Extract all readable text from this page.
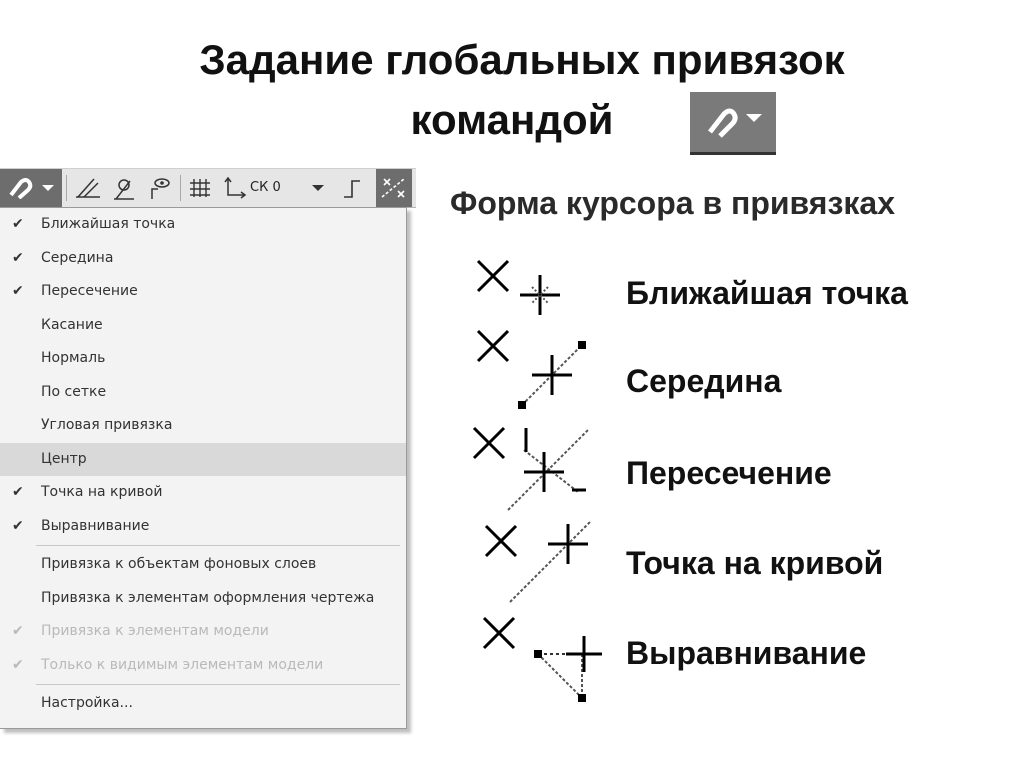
Задание глобальных привязок
командой
СК 0
✔	Ближайшая точка
✔	Середина
✔	Пересечение
Касание
Нормаль
По сетке
Угловая привязка
Центр
✔	Точка на кривой
✔	Выравнивание
Привязка к объектам фоновых слоев
Привязка к элементам оформления чертежа
✔	Привязка к элементам модели
✔	Только к видимым элементам модели
Настройка...
Форма курсора в привязках
Ближайшая точка
Середина
Пересечение
Точка на кривой
Выравнивание
